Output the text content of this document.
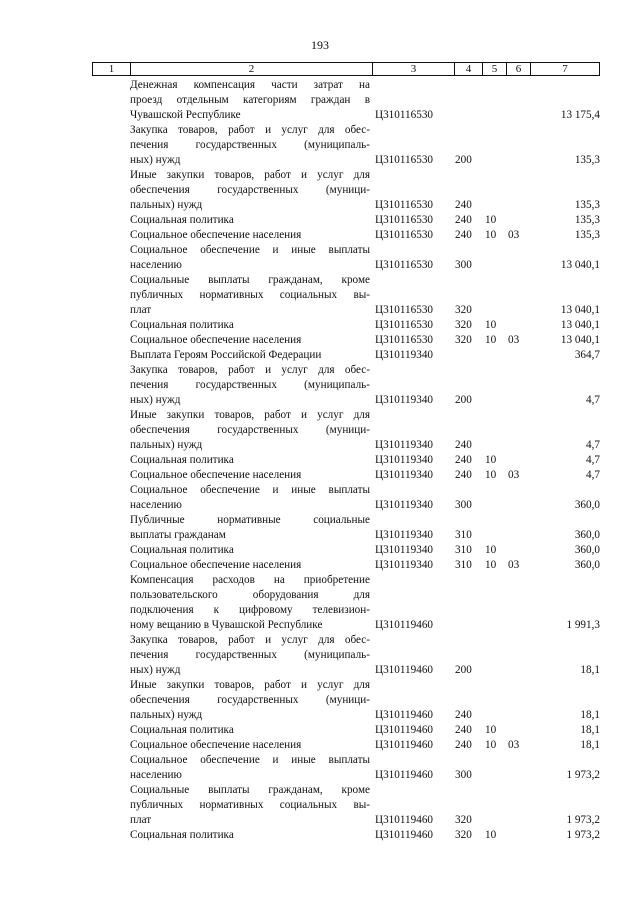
193
1	2	3	4	5	6	7
Денежная компенсация части затрат на
проезд отдельным категориям граждан в
Чувашской Республике	Ц310116530	13 175,4
Закупка товаров, работ и услуг для обес-
печения государственных (муниципаль-
ных) нужд	Ц310116530 200	135,3
Иные закупки товаров, работ и услуг для
обеспечения государственных (муници-
пальных) нужд	Ц310116530 240	135,3
Социальная политика	Ц310116530 240 10	135,3
Социальное обеспечение населения	Ц310116530 240 10 03	135,3
Социальное обеспечение и иные выплаты
населению	Ц310116530 300	13 040,1
Социальные выплаты гражданам, кроме
публичных нормативных социальных вы-
плат	Ц310116530 320	13 040,1
Социальная политика	Ц310116530 320 10	13 040,1
Социальное обеспечение населения	Ц310116530 320 10 03	13 040,1
Выплата Героям Российской Федерации	Ц310119340	364,7
Закупка товаров, работ и услуг для обес-
печения государственных (муниципаль-
ных) нужд	Ц310119340 200	4,7
Иные закупки товаров, работ и услуг для
обеспечения государственных (муници-
пальных) нужд	Ц310119340 240	4,7
Социальная политика	Ц310119340 240 10	4,7
Социальное обеспечение населения	Ц310119340 240 10 03	4,7
Социальное обеспечение и иные выплаты
населению	Ц310119340 300	360,0
Публичные нормативные социальные
выплаты гражданам	Ц310119340 310	360,0
Социальная политика	Ц310119340 310 10	360,0
Социальное обеспечение населения	Ц310119340 310 10 03	360,0
Компенсация расходов на приобретение
пользовательского оборудования для
подключения к цифровому телевизион-
ному вещанию в Чувашской Республике	Ц310119460	1 991,3
Закупка товаров, работ и услуг для обес-
печения государственных (муниципаль-
ных) нужд	Ц310119460 200	18,1
Иные закупки товаров, работ и услуг для
обеспечения государственных (муници-
пальных) нужд	Ц310119460 240	18,1
Социальная политика	Ц310119460 240 10	18,1
Социальное обеспечение населения	Ц310119460 240 10 03	18,1
Социальное обеспечение и иные выплаты
населению	Ц310119460 300	1 973,2
Социальные выплаты гражданам, кроме
публичных нормативных социальных вы-
плат	Ц310119460 320	1 973,2
Социальная политика	Ц310119460 320 10	1 973,2
